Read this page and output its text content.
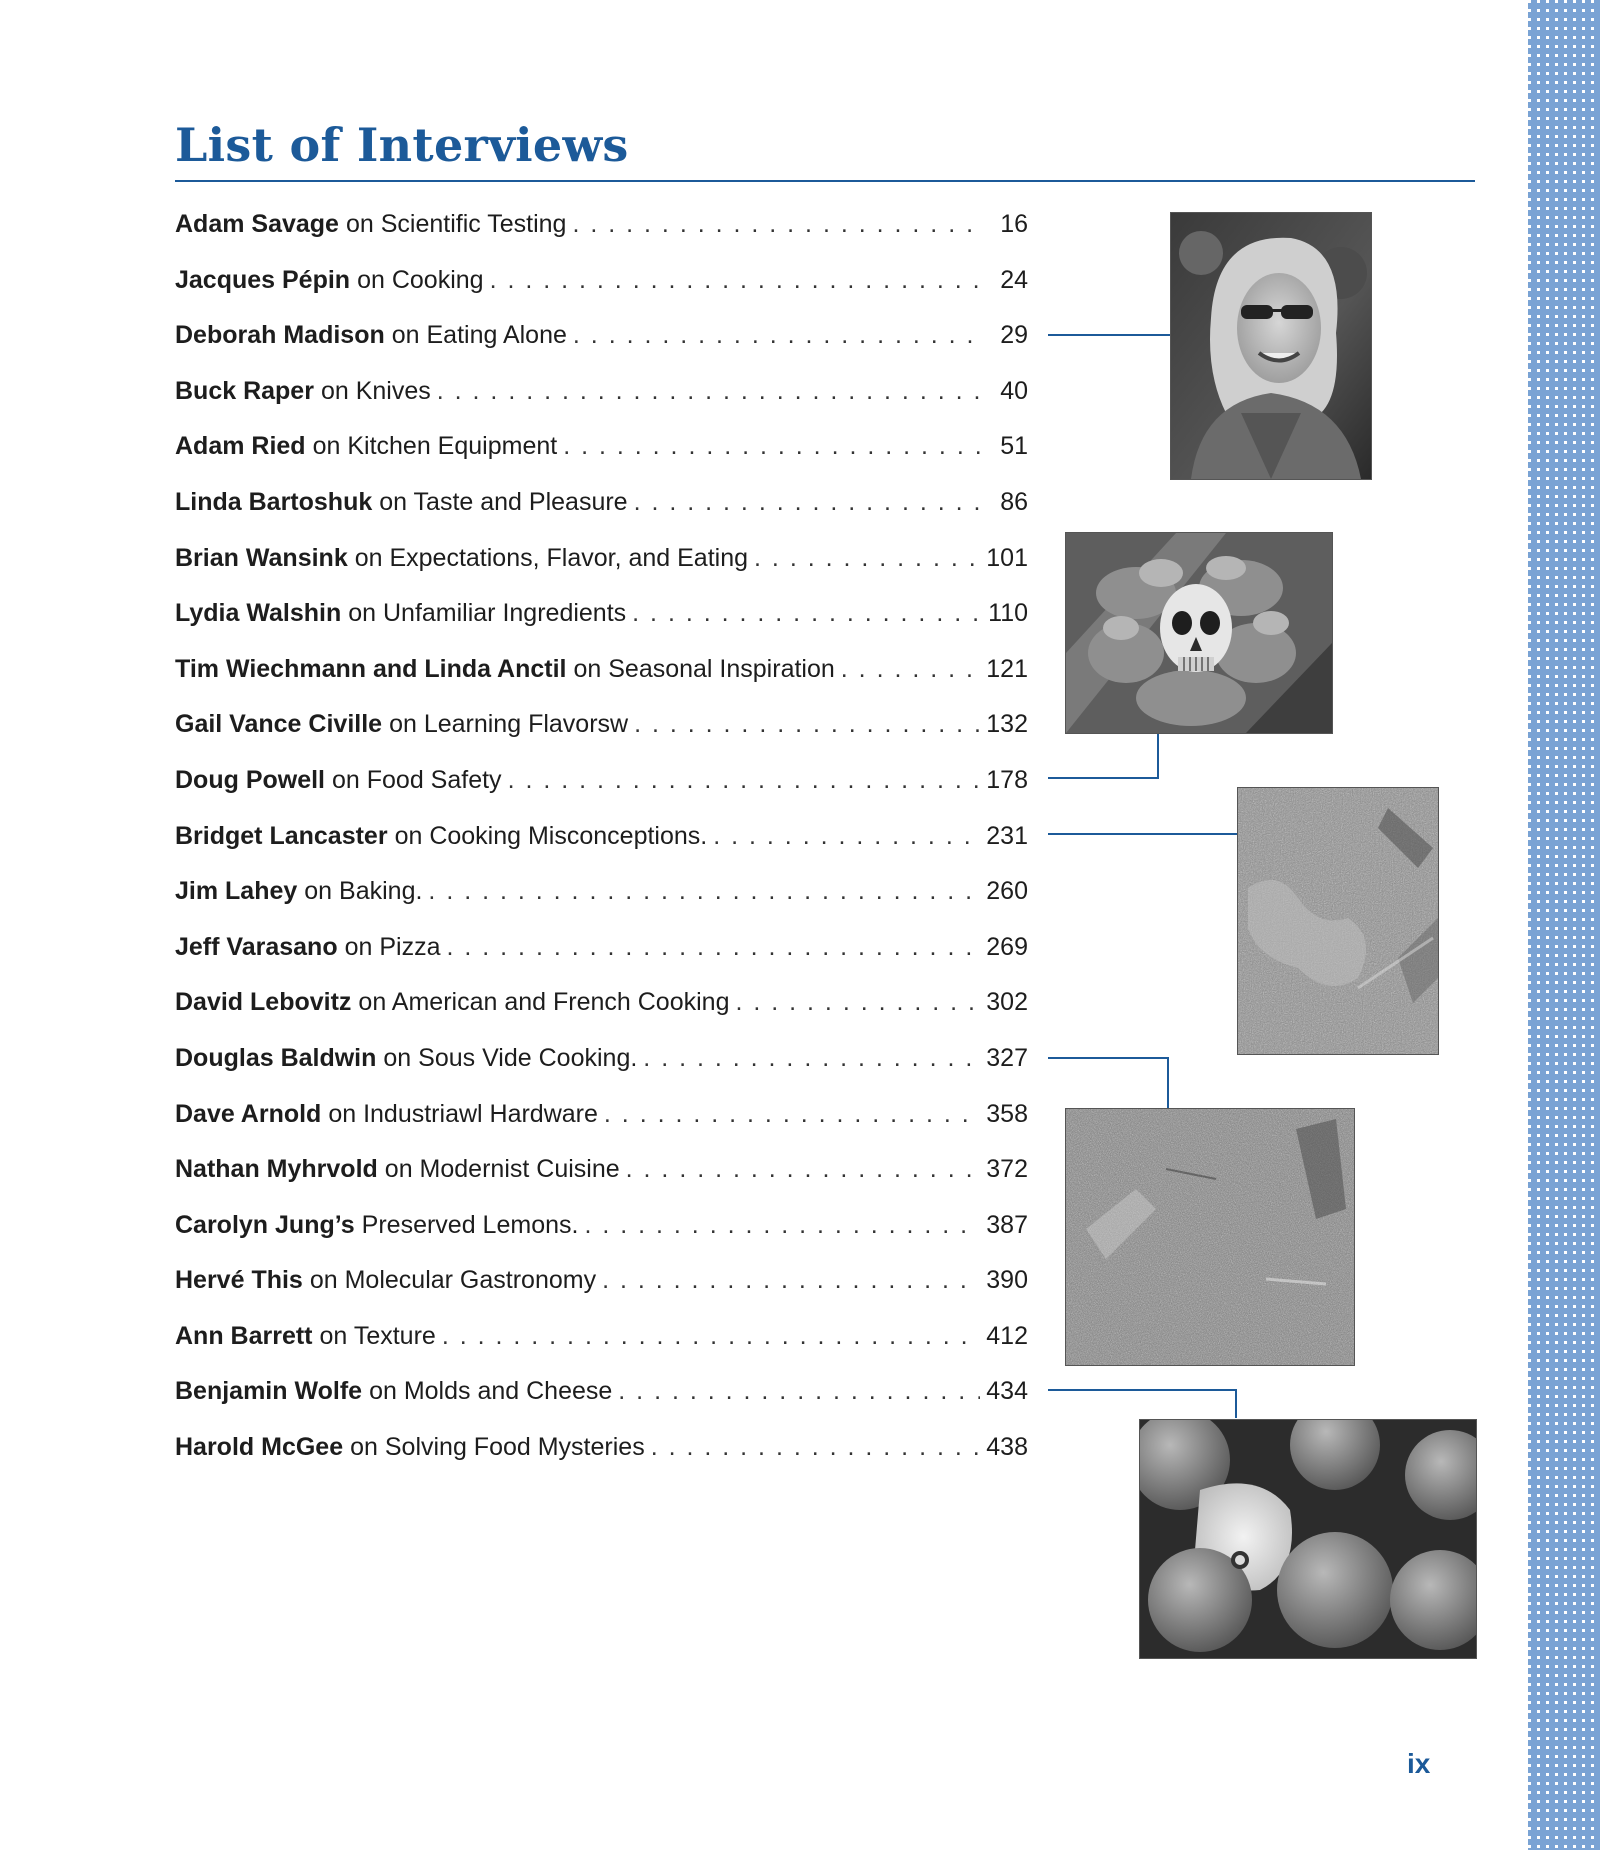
List of Interviews
Adam Savage on Scientific Testing . . .	16
Jacques Pépin on Cooking . . .	24
Deborah Madison on Eating Alone . . .	29
Buck Raper on Knives . . .	40
Adam Ried on Kitchen Equipment . . .	51
Linda Bartoshuk on Taste and Pleasure . . .	86
Brian Wansink on Expectations, Flavor, and Eating . . .	101
Lydia Walshin on Unfamiliar Ingredients . . .	110
Tim Wiechmann and Linda Anctil on Seasonal Inspiration . . .	121
Gail Vance Civille on Learning Flavorsw . . .	132
Doug Powell on Food Safety . . .	178
Bridget Lancaster on Cooking Misconceptions. . . .	231
Jim Lahey on Baking. . . .	260
Jeff Varasano on Pizza . . .	269
David Lebovitz on American and French Cooking . . .	302
Douglas Baldwin on Sous Vide Cooking. . . .	327
Dave Arnold on Industriawl Hardware . . .	358
Nathan Myhrvold on Modernist Cuisine . . .	372
Carolyn Jung’s Preserved Lemons. . . .	387
Hervé This on Molecular Gastronomy . . .	390
Ann Barrett on Texture . . .	412
Benjamin Wolfe on Molds and Cheese . . .	434
Harold McGee on Solving Food Mysteries . . .	438
ix
